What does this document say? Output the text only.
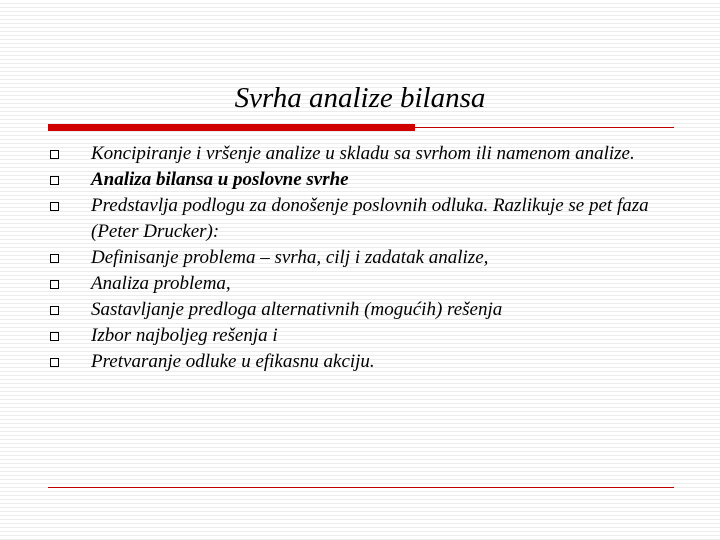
Svrha analize bilansa
Koncipiranje i vršenje analize u skladu sa svrhom ili namenom analize.
Analiza bilansa u poslovne svrhe
Predstavlja podlogu za donošenje poslovnih odluka. Razlikuje se pet faza (Peter Drucker):
Definisanje problema – svrha, cilj i zadatak analize,
Analiza problema,
Sastavljanje predloga alternativnih (mogućih) rešenja
Izbor najboljeg rešenja i
Pretvaranje odluke u efikasnu akciju.
